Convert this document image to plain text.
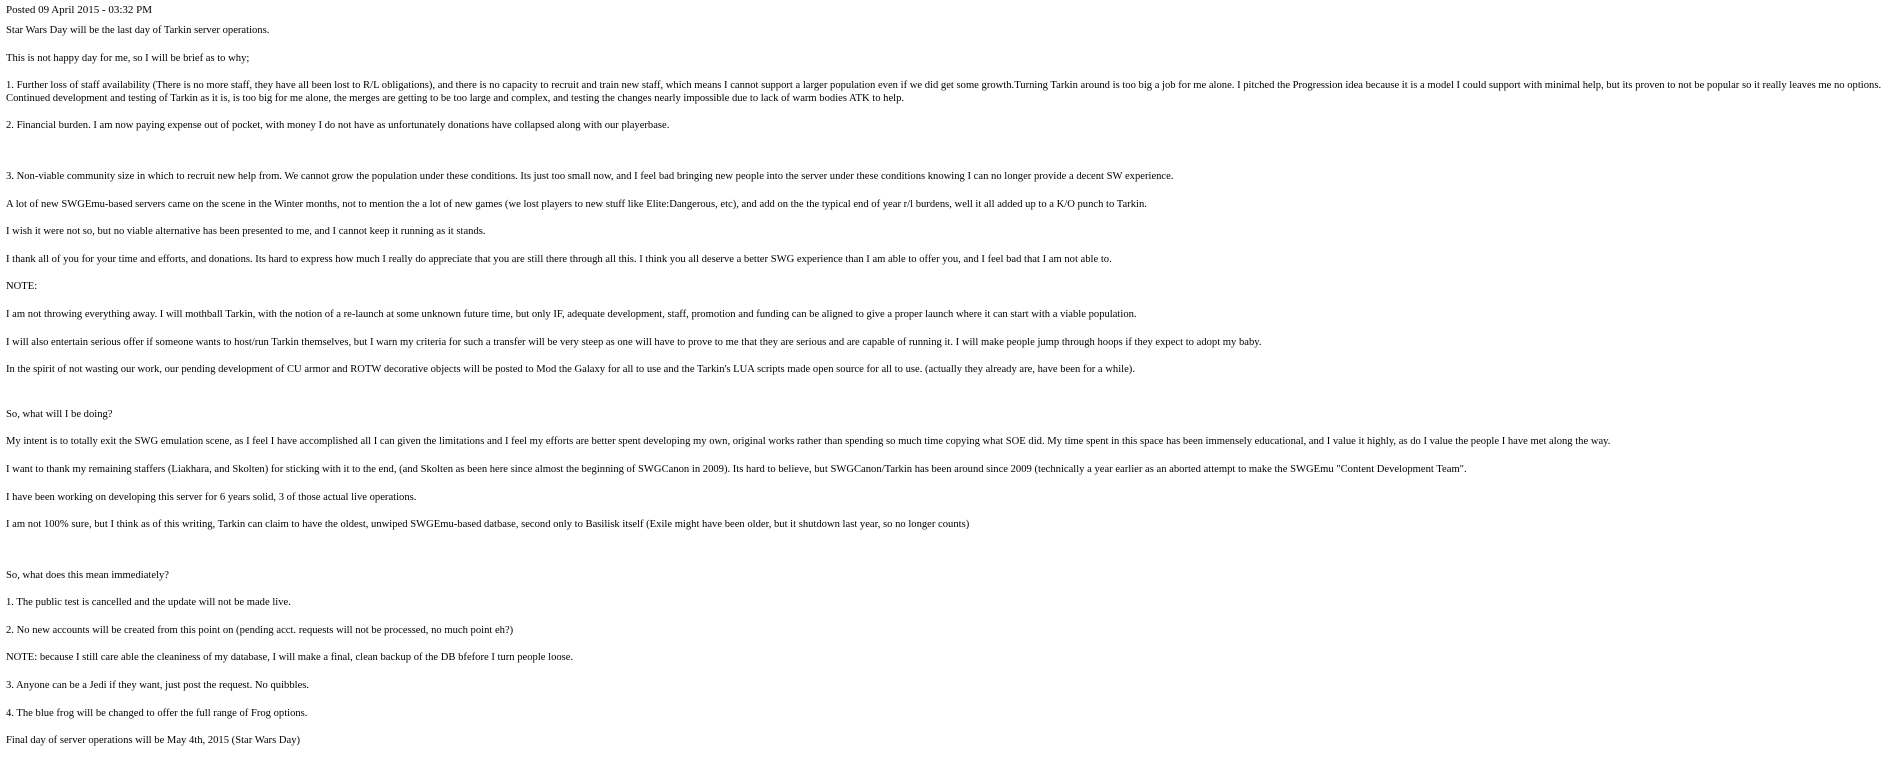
Posted 09 April 2015 - 03:32 PM

Star Wars Day will be the last day of Tarkin server operations.

This is not happy day for me, so I will be brief as to why;

1. Further loss of staff availability (There is no more staff, they have all been lost to R/L obligations), and there is no capacity to recruit and train new staff, which means I cannot support a larger population even if we did get some growth.Turning Tarkin around is too big a job for me alone. I pitched the Progression idea because it is a model I could support with minimal help, but its proven to not be popular so it really leaves me no options. Continued development and testing of Tarkin as it is, is too big for me alone, the merges are getting to be too large and complex, and testing the changes nearly impossible due to lack of warm bodies ATK to help.

2. Financial burden. I am now paying expense out of pocket, with money I do not have as unfortunately donations have collapsed along with our playerbase.

3. Non-viable community size in which to recruit new help from. We cannot grow the population under these conditions. Its just too small now, and I feel bad bringing new people into the server under these conditions knowing I can no longer provide a decent SW experience.

A lot of new SWGEmu-based servers came on the scene in the Winter months, not to mention the a lot of new games (we lost players to new stuff like Elite:Dangerous, etc), and add on the the typical end of year r/l burdens, well it all added up to a K/O punch to Tarkin.

I wish it were not so, but no viable alternative has been presented to me, and I cannot keep it running as it stands.

I thank all of you for your time and efforts, and donations. Its hard to express how much I really do appreciate that you are still there through all this. I think you all deserve a better SWG experience than I am able to offer you, and I feel bad that I am not able to.

NOTE:

I am not throwing everything away. I will mothball Tarkin, with the notion of a re-launch at some unknown future time, but only IF, adequate development, staff, promotion and funding can be aligned to give a proper launch where it can start with a viable population.

I will also entertain serious offer if someone wants to host/run Tarkin themselves, but I warn my criteria for such a transfer will be very steep as one will have to prove to me that they are serious and are capable of running it. I will make people jump through hoops if they expect to adopt my baby.

In the spirit of not wasting our work, our pending development of CU armor and ROTW decorative objects will be posted to Mod the Galaxy for all to use and the Tarkin's LUA scripts made open source for all to use. (actually they already are, have been for a while).

So, what will I be doing?

My intent is to totally exit the SWG emulation scene, as I feel I have accomplished all I can given the limitations and I feel my efforts are better spent developing my own, original works rather than spending so much time copying what SOE did. My time spent in this space has been immensely educational, and I value it highly, as do I value the people I have met along the way.

I want to thank my remaining staffers (Liakhara, and Skolten) for sticking with it to the end, (and Skolten as been here since almost the beginning of SWGCanon in 2009). Its hard to believe, but SWGCanon/Tarkin has been around since 2009 (technically a year earlier as an aborted attempt to make the SWGEmu "Content Development Team".

I have been working on developing this server for 6 years solid, 3 of those actual live operations.

I am not 100% sure, but I think as of this writing, Tarkin can claim to have the oldest, unwiped SWGEmu-based datbase, second only to Basilisk itself (Exile might have been older, but it shutdown last year, so no longer counts)

So, what does this mean immediately?

1. The public test is cancelled and the update will not be made live.

2. No new accounts will be created from this point on (pending acct. requests will not be processed, no much point eh?)

NOTE: because I still care able the cleaniness of my database, I will make a final, clean backup of the DB bfefore I turn people loose.

3. Anyone can be a Jedi if they want, just post the request. No quibbles.

4. The blue frog will be changed to offer the full range of Frog options.

Final day of server operations will be May 4th, 2015 (Star Wars Day)
